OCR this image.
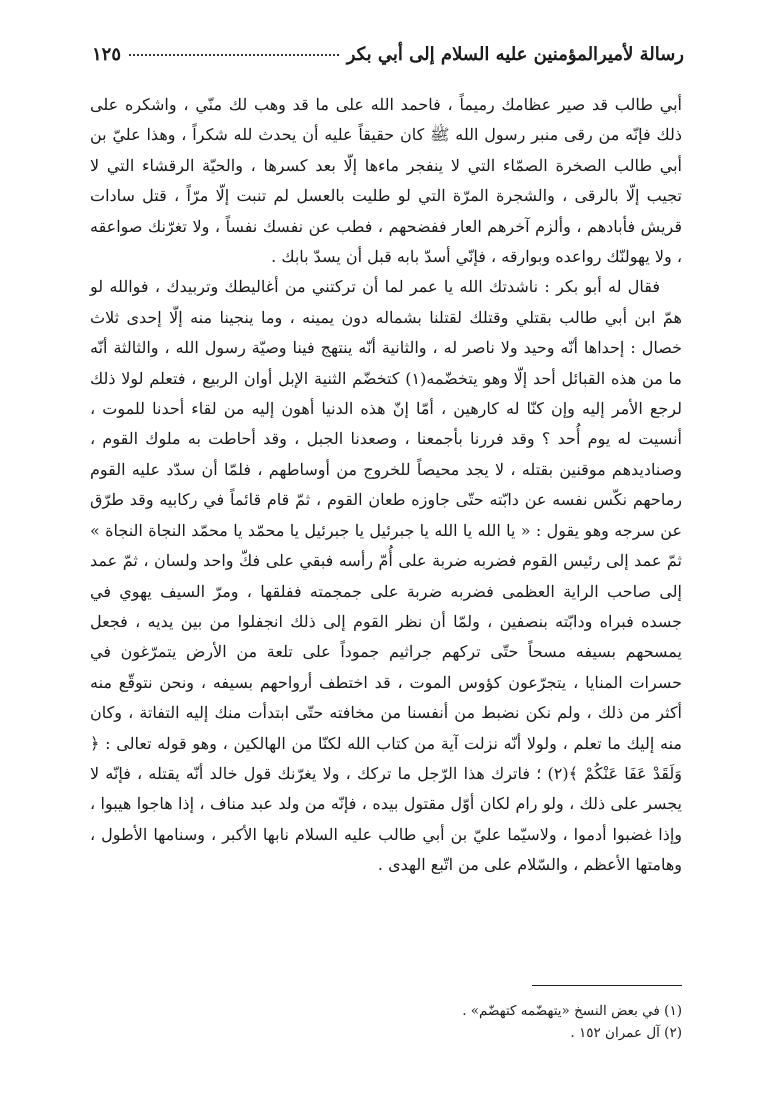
رسالة لأميرالمؤمنين عليه السلام إلى أبي بكر
١٢٥

أبي طالب قد صير عظامك رميماً ، فاحمد الله على ما قد وهب لك منّي ، واشكره على ذلك فإنّه من رقى منبر رسول الله ﷺ كان حقيقاً عليه أن يحدث لله شكراً ، وهذا عليّ بن أبي طالب الصخرة الصمّاء التي لا ينفجر ماءها إلّا بعد كسرها ، والحيّة الرقشاء التي لا تجيب إلّا بالرقى ، والشجرة المرّة التي لو طليت بالعسل لم تنبت إلّا مرّاً ، قتل سادات قريش فأبادهم ، وألزم آخرهم العار ففضحهم ، فطب عن نفسك نفساً ، ولا تغرّنك صواعقه ، ولا يهولنّك رواعده وبوارقه ، فإنّي أسدّ بابه قبل أن يسدّ بابك .

فقال له أبو بكر : ناشدتك الله يا عمر لما أن تركتني من أغاليطك وتربيدك ، فوالله لو همّ ابن أبي طالب بقتلي وقتلك لقتلنا بشماله دون يمينه ، وما ينجينا منه إلّا إحدى ثلاث خصال : إحداها أنّه وحيد ولا ناصر له ، والثانية أنّه ينتهج فينا وصيّة رسول الله ، والثالثة أنّه ما من هذه القبائل أحد إلّا وهو يتخضّمه(١) كتخضّم الثنية الإبل أوان الربيع ، فتعلم لولا ذلك لرجع الأمر إليه وإن كنّا له كارهين ، أمّا إنّ هذه الدنيا أهون إليه من لقاء أحدنا للموت ، أنسيت له يوم أُحد ؟ وقد فررنا بأجمعنا ، وصعدنا الجبل ، وقد أحاطت به ملوك القوم ، وصناديدهم موقنين بقتله ، لا يجد محيصاً للخروج من أوساطهم ، فلمّا أن سدّد عليه القوم رماحهم نكّس نفسه عن دابّته حتّى جاوزه طعان القوم ، ثمّ قام قائماً في ركابيه وقد طرّق عن سرجه وهو يقول : « يا الله يا الله يا جبرئيل يا جبرئيل يا محمّد يا محمّد النجاة النجاة » ثمّ عمد إلى رئيس القوم فضربه ضربة على أُمّ رأسه فبقي على فكّ واحد ولسان ، ثمّ عمد إلى صاحب الراية العظمى فضربه ضربة على جمجمته ففلقها ، ومرّ السيف يهوي في جسده فبراه ودابّته بنصفين ، ولمّا أن نظر القوم إلى ذلك انجفلوا من بين يديه ، فجعل يمسحهم بسيفه مسحاً حتّى تركهم جراثيم جموداً على تلعة من الأرض يتمرّغون في حسرات المنايا ، يتجرّعون كؤوس الموت ، قد اختطف أرواحهم بسيفه ، ونحن نتوقّع منه أكثر من ذلك ، ولم نكن نضبط من أنفسنا من مخافته حتّى ابتدأت منك إليه التفاتة ، وكان منه إليك ما تعلم ، ولولا أنّه نزلت آية من كتاب الله لكنّا من الهالكين ، وهو قوله تعالى : ﴿ وَلَقَدْ عَفَا عَنْكُمْ ﴾(٢) ؛ فاترك هذا الرّجل ما تركك ، ولا يغرّنك قول خالد أنّه يقتله ، فإنّه لا يجسر على ذلك ، ولو رام لكان أوّل مقتول بيده ، فإنّه من ولد عبد مناف ، إذا هاجوا هيبوا ، وإذا غضبوا أدموا ، ولاسيّما عليّ بن أبي طالب عليه السلام نابها الأكبر ، وسنامها الأطول ، وهامتها الأعظم ، والسّلام على من اتّبع الهدى .

(١) في بعض النسخ «يتهضّمه كتهضّم» .
(٢) آل عمران ١٥٢ .
